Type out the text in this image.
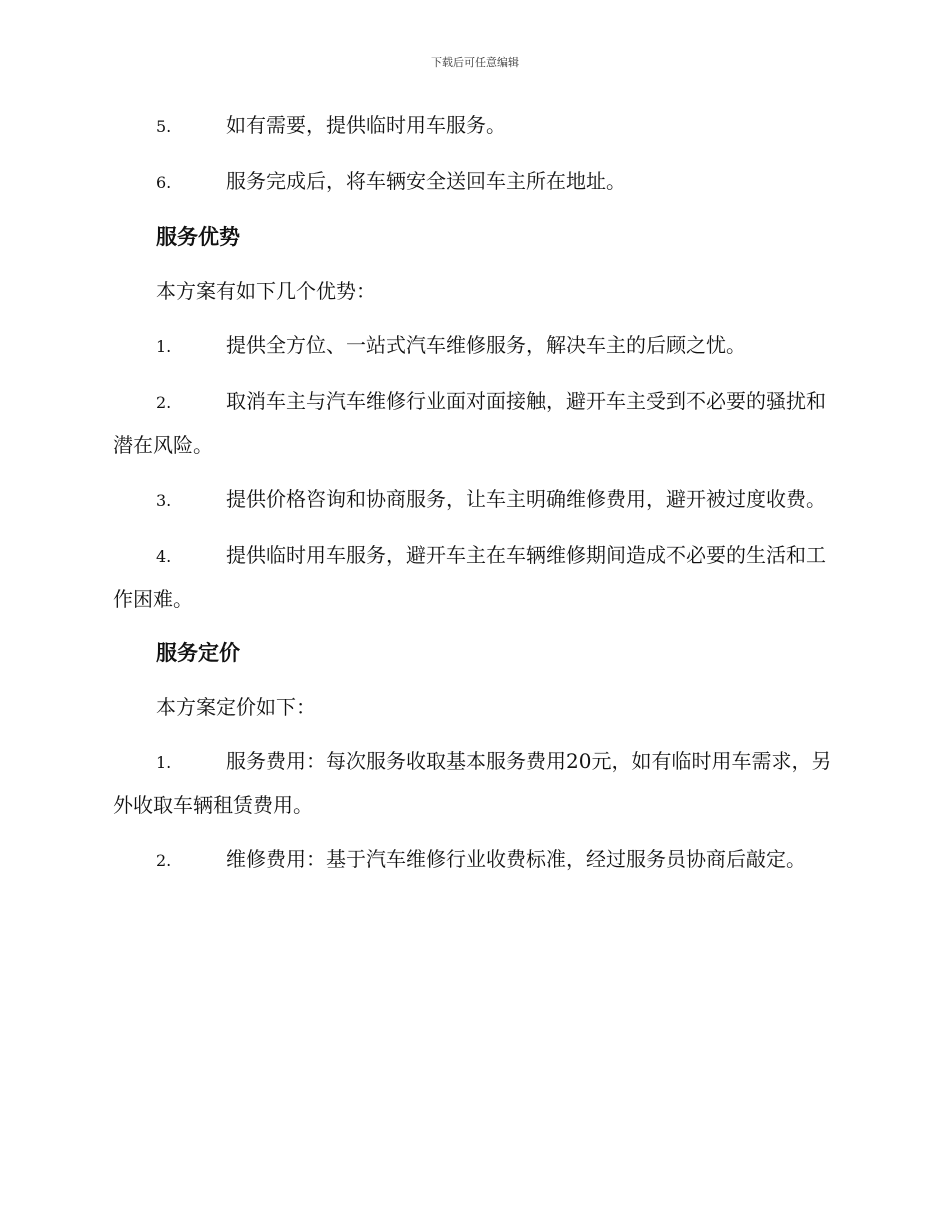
下载后可任意编辑
5.	如有需要，提供临时用车服务。
6.	服务完成后，将车辆安全送回车主所在地址。
服务优势
本方案有如下几个优势：
1.	提供全方位、一站式汽车维修服务，解决车主的后顾之忧。
2.	取消车主与汽车维修行业面对面接触，避开车主受到不必要的骚扰和潜在风险。
3.	提供价格咨询和协商服务，让车主明确维修费用，避开被过度收费。
4.	提供临时用车服务，避开车主在车辆维修期间造成不必要的生活和工作困难。
服务定价
本方案定价如下：
1.	服务费用：每次服务收取基本服务费用20元，如有临时用车需求，另外收取车辆租赁费用。
2.	维修费用：基于汽车维修行业收费标准，经过服务员协商后敲定。
